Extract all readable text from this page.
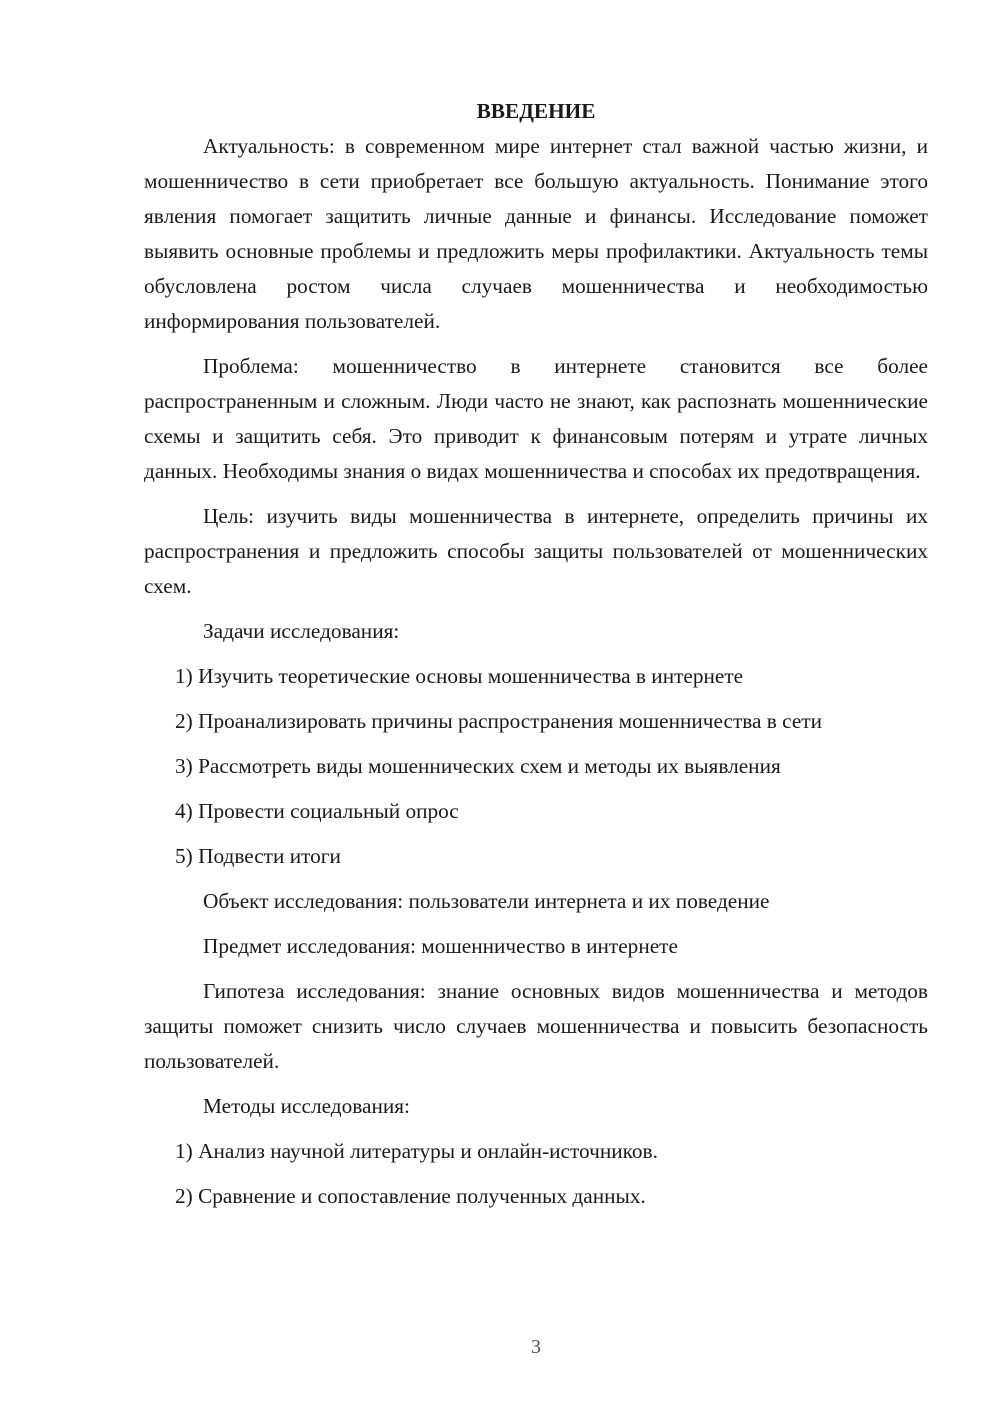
ВВЕДЕНИЕ

Актуальность: в современном мире интернет стал важной частью жизни, и мошенничество в сети приобретает все большую актуальность. Понимание этого явления помогает защитить личные данные и финансы. Исследование поможет выявить основные проблемы и предложить меры профилактики. Актуальность темы обусловлена ростом числа случаев мошенничества и необходимостью информирования пользователей.

Проблема: мошенничество в интернете становится все более распространенным и сложным. Люди часто не знают, как распознать мошеннические схемы и защитить себя. Это приводит к финансовым потерям и утрате личных данных. Необходимы знания о видах мошенничества и способах их предотвращения.

Цель: изучить виды мошенничества в интернете, определить причины их распространения и предложить способы защиты пользователей от мошеннических схем.

Задачи исследования:

1) Изучить теоретические основы мошенничества в интернете

2) Проанализировать причины распространения мошенничества в сети

3) Рассмотреть виды мошеннических схем и методы их выявления

4) Провести социальный опрос

5) Подвести итоги

Объект исследования: пользователи интернета и их поведение

Предмет исследования: мошенничество в интернете

Гипотеза исследования: знание основных видов мошенничества и методов защиты поможет снизить число случаев мошенничества и повысить безопасность пользователей.

Методы исследования:

1) Анализ научной литературы и онлайн-источников.

2) Сравнение и сопоставление полученных данных.

3
